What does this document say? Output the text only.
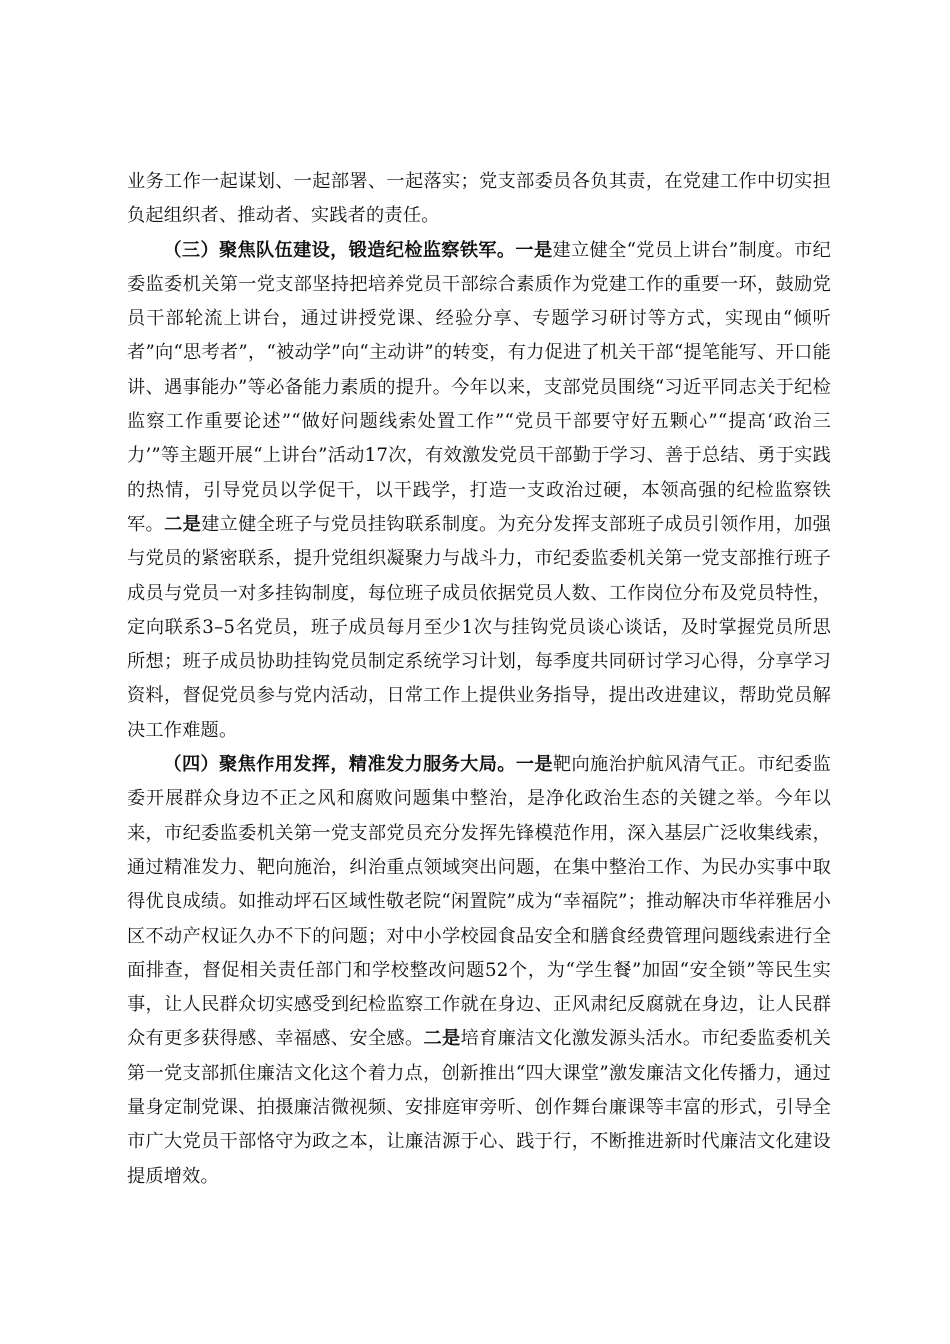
业务工作一起谋划、一起部署、一起落实；党支部委员各负其责，在党建工作中切实担负起组织者、推动者、实践者的责任。

（三）聚焦队伍建设，锻造纪检监察铁军。一是建立健全“党员上讲台”制度。市纪委监委机关第一党支部坚持把培养党员干部综合素质作为党建工作的重要一环，鼓励党员干部轮流上讲台，通过讲授党课、经验分享、专题学习研讨等方式，实现由“倾听者”向“思考者”，“被动学”向“主动讲”的转变，有力促进了机关干部“提笔能写、开口能讲、遇事能办”等必备能力素质的提升。今年以来，支部党员围绕“习近平同志关于纪检监察工作重要论述”“做好问题线索处置工作”“党员干部要守好五颗心”“提高‘政治三力’”等主题开展“上讲台”活动17次，有效激发党员干部勤于学习、善于总结、勇于实践的热情，引导党员以学促干，以干践学，打造一支政治过硬，本领高强的纪检监察铁军。二是建立健全班子与党员挂钩联系制度。为充分发挥支部班子成员引领作用，加强与党员的紧密联系，提升党组织凝聚力与战斗力，市纪委监委机关第一党支部推行班子成员与党员一对多挂钩制度，每位班子成员依据党员人数、工作岗位分布及党员特性，定向联系3–5名党员，班子成员每月至少1次与挂钩党员谈心谈话，及时掌握党员所思所想；班子成员协助挂钩党员制定系统学习计划，每季度共同研讨学习心得，分享学习资料，督促党员参与党内活动，日常工作上提供业务指导，提出改进建议，帮助党员解决工作难题。

（四）聚焦作用发挥，精准发力服务大局。一是靶向施治护航风清气正。市纪委监委开展群众身边不正之风和腐败问题集中整治，是净化政治生态的关键之举。今年以来，市纪委监委机关第一党支部党员充分发挥先锋模范作用，深入基层广泛收集线索，通过精准发力、靶向施治，纠治重点领域突出问题，在集中整治工作、为民办实事中取得优良成绩。如推动坪石区域性敬老院“闲置院”成为“幸福院”；推动解决市华祥雅居小区不动产权证久办不下的问题；对中小学校园食品安全和膳食经费管理问题线索进行全面排查，督促相关责任部门和学校整改问题52个，为“学生餐”加固“安全锁”等民生实事，让人民群众切实感受到纪检监察工作就在身边、正风肃纪反腐就在身边，让人民群众有更多获得感、幸福感、安全感。二是培育廉洁文化激发源头活水。市纪委监委机关第一党支部抓住廉洁文化这个着力点，创新推出“四大课堂”激发廉洁文化传播力，通过量身定制党课、拍摄廉洁微视频、安排庭审旁听、创作舞台廉课等丰富的形式，引导全市广大党员干部恪守为政之本，让廉洁源于心、践于行，不断推进新时代廉洁文化建设提质增效。
